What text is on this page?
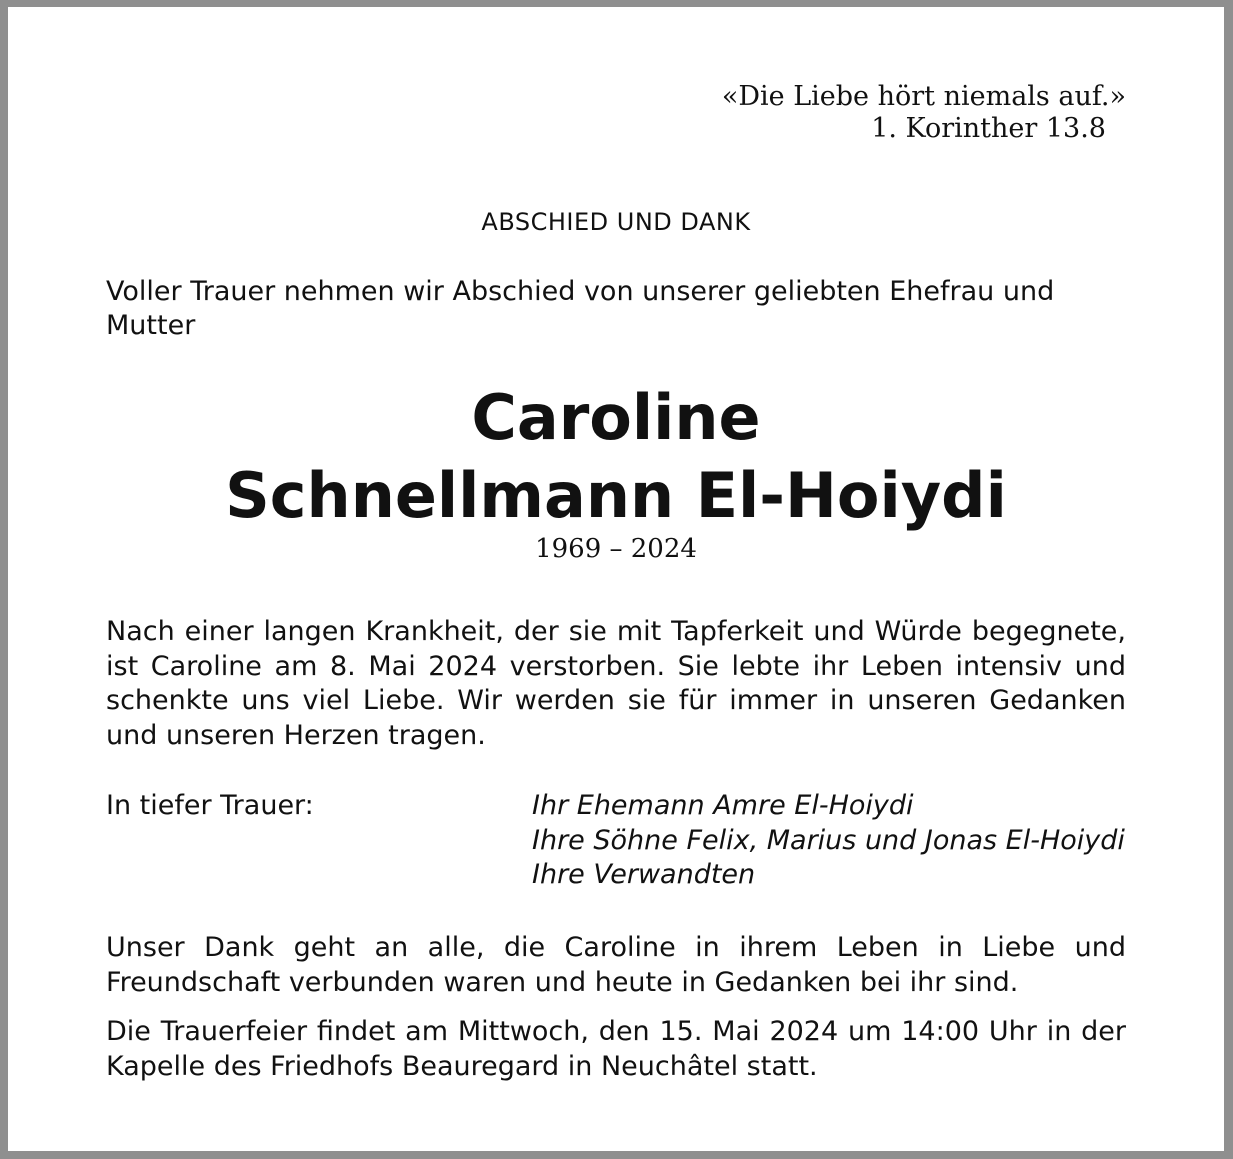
«Die Liebe hört niemals auf.»

1. Korinther 13.8
ABSCHIED UND DANK
Voller Trauer nehmen wir Abschied von unserer geliebten Ehefrau und Mutter
Caroline
Schnellmann El-Hoiydi
1969 – 2024
Nach einer langen Krankheit, der sie mit Tapferkeit und Würde begegnete, ist Caroline am 8. Mai 2024 verstorben. Sie lebte ihr Leben intensiv und schenkte uns viel Liebe. Wir werden sie für immer in unseren Gedanken und unseren Herzen tragen.
In tiefer Trauer:	Ihr Ehemann Amre El-Hoiydi
Ihre Söhne Felix, Marius und Jonas El-Hoiydi
Ihre Verwandten
Unser Dank geht an alle, die Caroline in ihrem Leben in Liebe und Freundschaft verbunden waren und heute in Gedanken bei ihr sind.
Die Trauerfeier findet am Mittwoch, den 15. Mai 2024 um 14:00 Uhr in der Kapelle des Friedhofs Beauregard in Neuchâtel statt.
